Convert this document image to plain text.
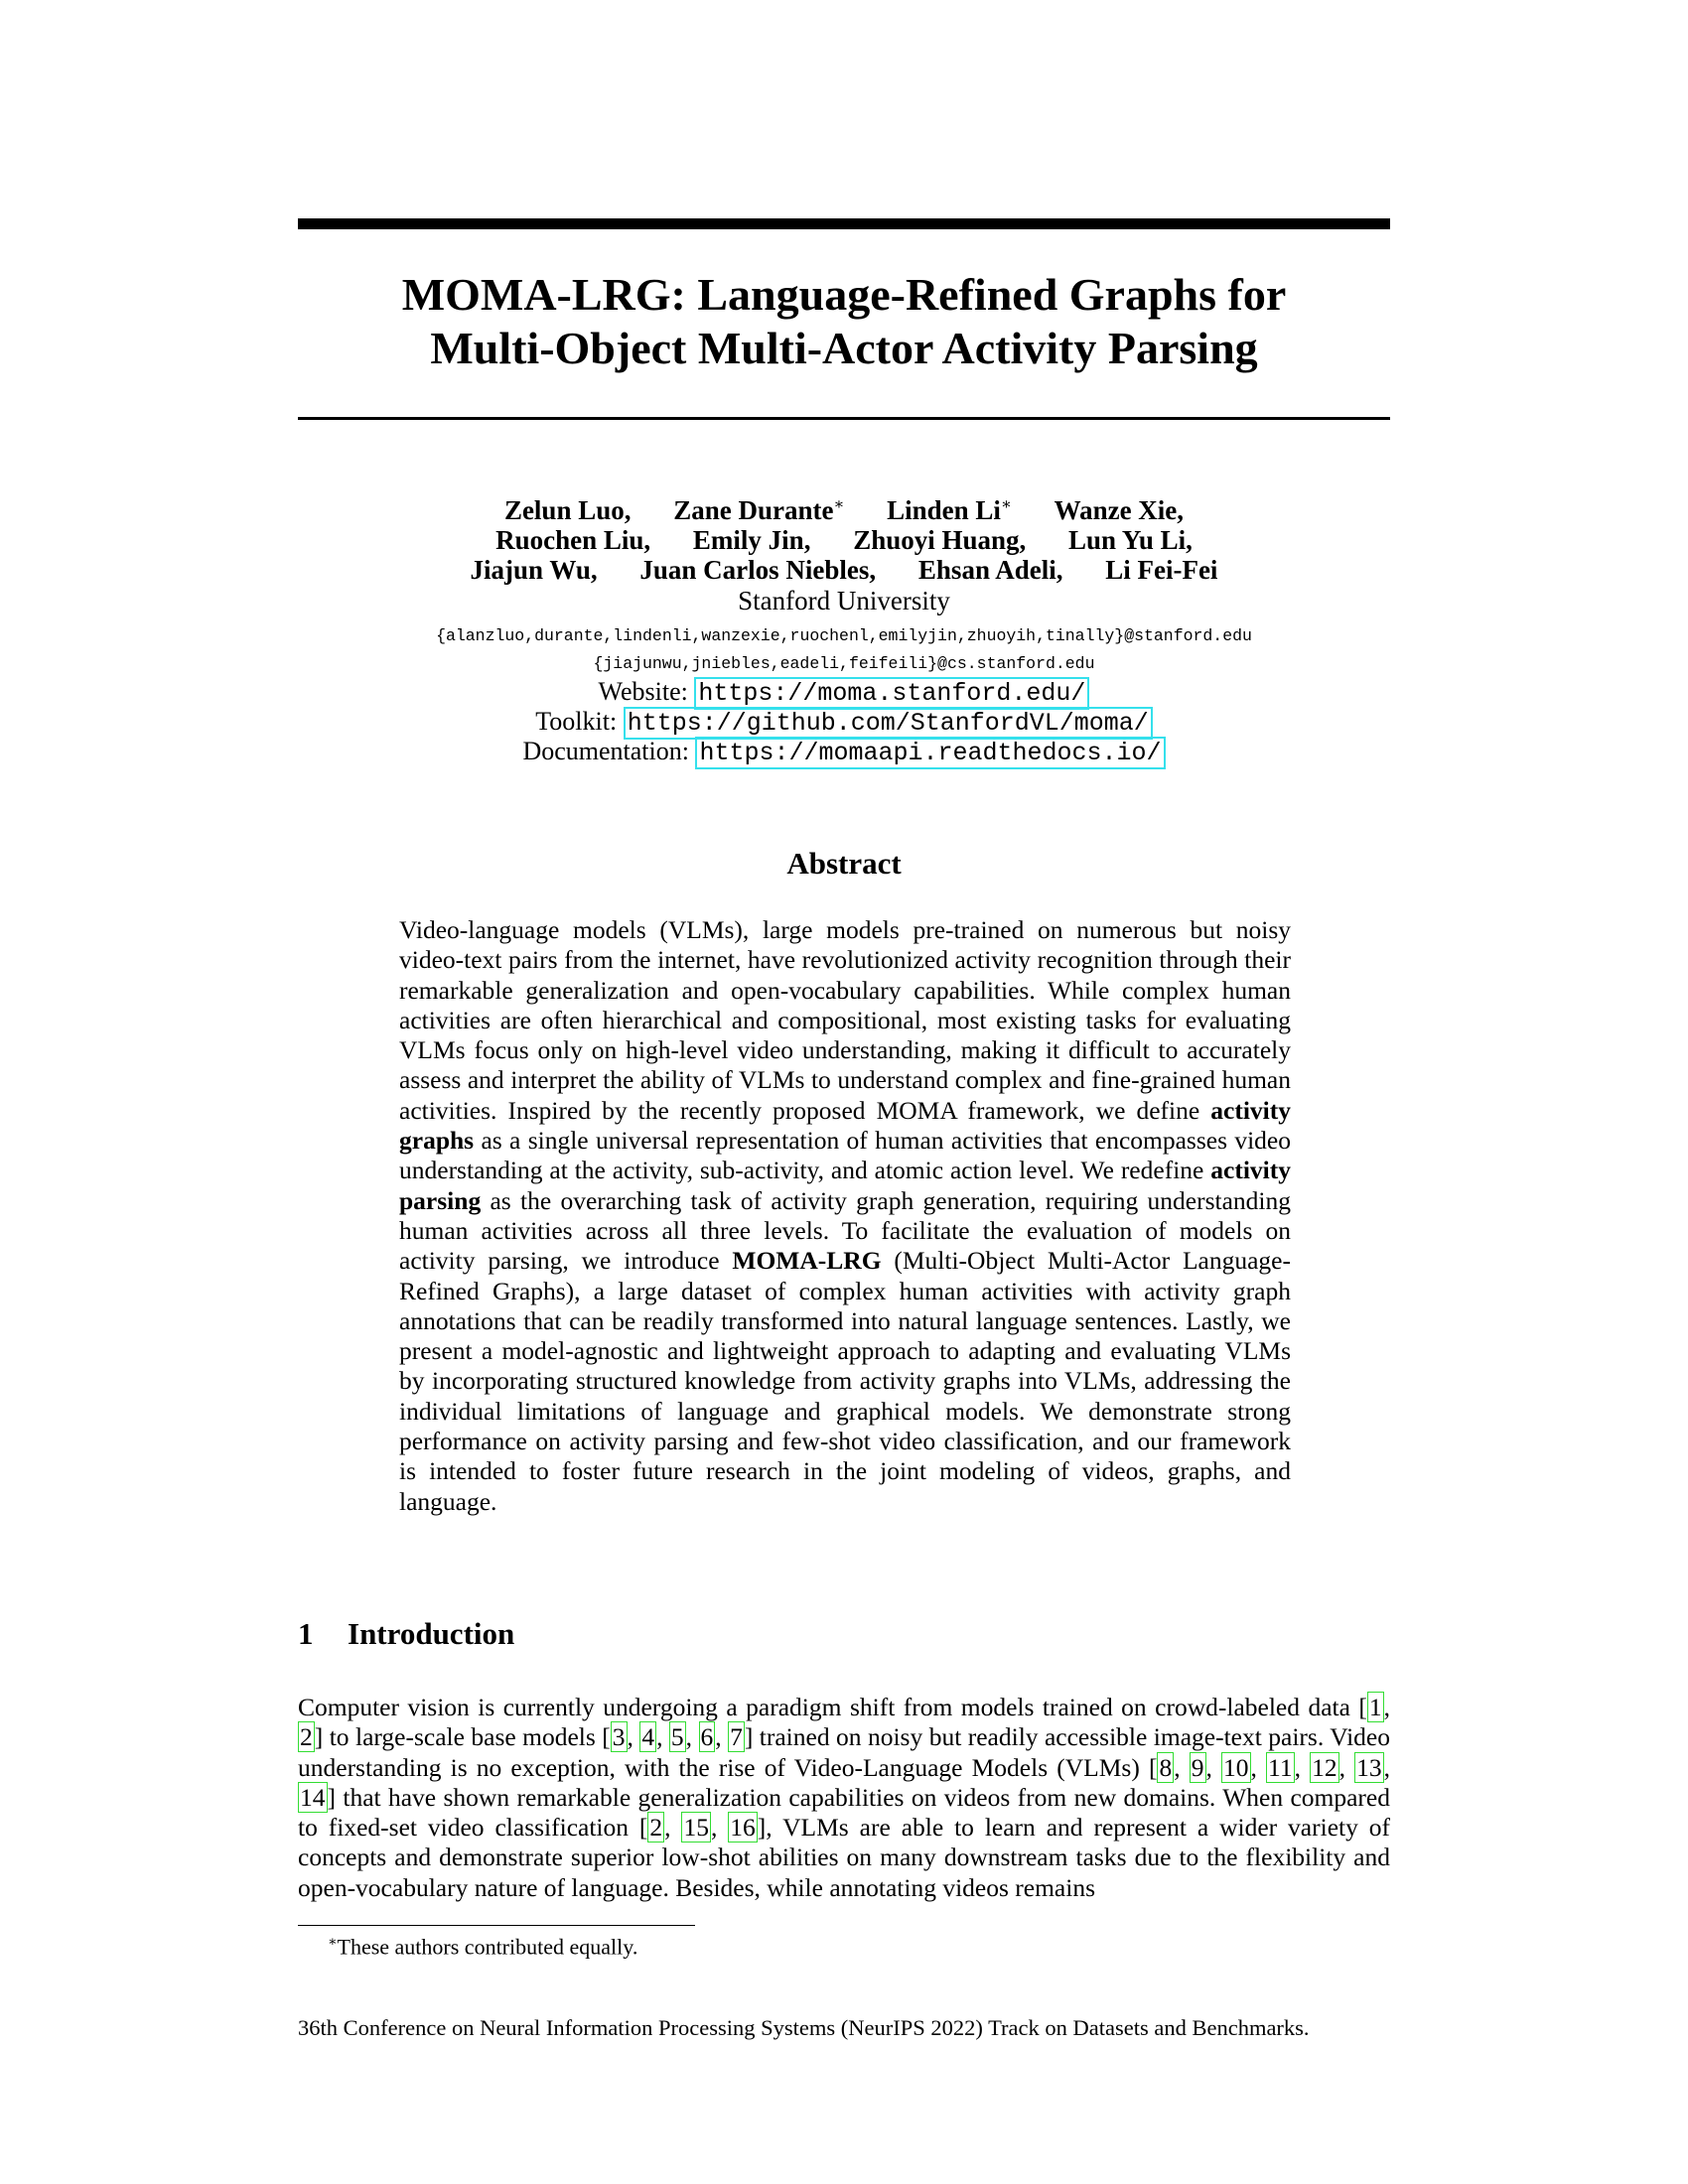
MOMA-LRG: Language-Refined Graphs for
Multi-Object Multi-Actor Activity Parsing
Zelun Luo, Zane Durante∗ Linden Li∗ Wanze Xie,
Ruochen Liu, Emily Jin, Zhuoyi Huang, Lun Yu Li,
Jiajun Wu, Juan Carlos Niebles, Ehsan Adeli, Li Fei-Fei
Stanford University
{alanzluo,durante,lindenli,wanzexie,ruochenl,emilyjin,zhuoyih,tinally}@stanford.edu
{jiajunwu,jniebles,eadeli,feifeili}@cs.stanford.edu
Website: https://moma.stanford.edu/
Toolkit: https://github.com/StanfordVL/moma/
Documentation: https://momaapi.readthedocs.io/
Abstract
Video-language models (VLMs), large models pre-trained on numerous but noisy video-text pairs from the internet, have revolutionized activity recognition through their remarkable generalization and open-vocabulary capabilities. While complex human activities are often hierarchical and compositional, most existing tasks for evaluating VLMs focus only on high-level video understanding, making it difficult to accurately assess and interpret the ability of VLMs to understand complex and fine-grained human activities. Inspired by the recently proposed MOMA framework, we define activity graphs as a single universal representation of human activities that encompasses video understanding at the activity, sub-activity, and atomic action level. We redefine activity parsing as the overarching task of activity graph generation, requiring understanding human activities across all three levels. To facilitate the evaluation of models on activity parsing, we introduce MOMA-LRG (Multi-Object Multi-Actor Language-Refined Graphs), a large dataset of complex human activities with activity graph annotations that can be readily transformed into natural language sentences. Lastly, we present a model-agnostic and lightweight approach to adapting and evaluating VLMs by incorporating structured knowledge from activity graphs into VLMs, addressing the individual limitations of language and graphical models. We demonstrate strong performance on activity parsing and few-shot video classification, and our framework is intended to foster future research in the joint modeling of videos, graphs, and language.
1 Introduction
Computer vision is currently undergoing a paradigm shift from models trained on crowd-labeled data [1, 2] to large-scale base models [3, 4, 5, 6, 7] trained on noisy but readily accessible image-text pairs. Video understanding is no exception, with the rise of Video-Language Models (VLMs) [8, 9, 10, 11, 12, 13, 14] that have shown remarkable generalization capabilities on videos from new domains. When compared to fixed-set video classification [2, 15, 16], VLMs are able to learn and represent a wider variety of concepts and demonstrate superior low-shot abilities on many downstream tasks due to the flexibility and open-vocabulary nature of language. Besides, while annotating videos remains
∗These authors contributed equally.
36th Conference on Neural Information Processing Systems (NeurIPS 2022) Track on Datasets and Benchmarks.
